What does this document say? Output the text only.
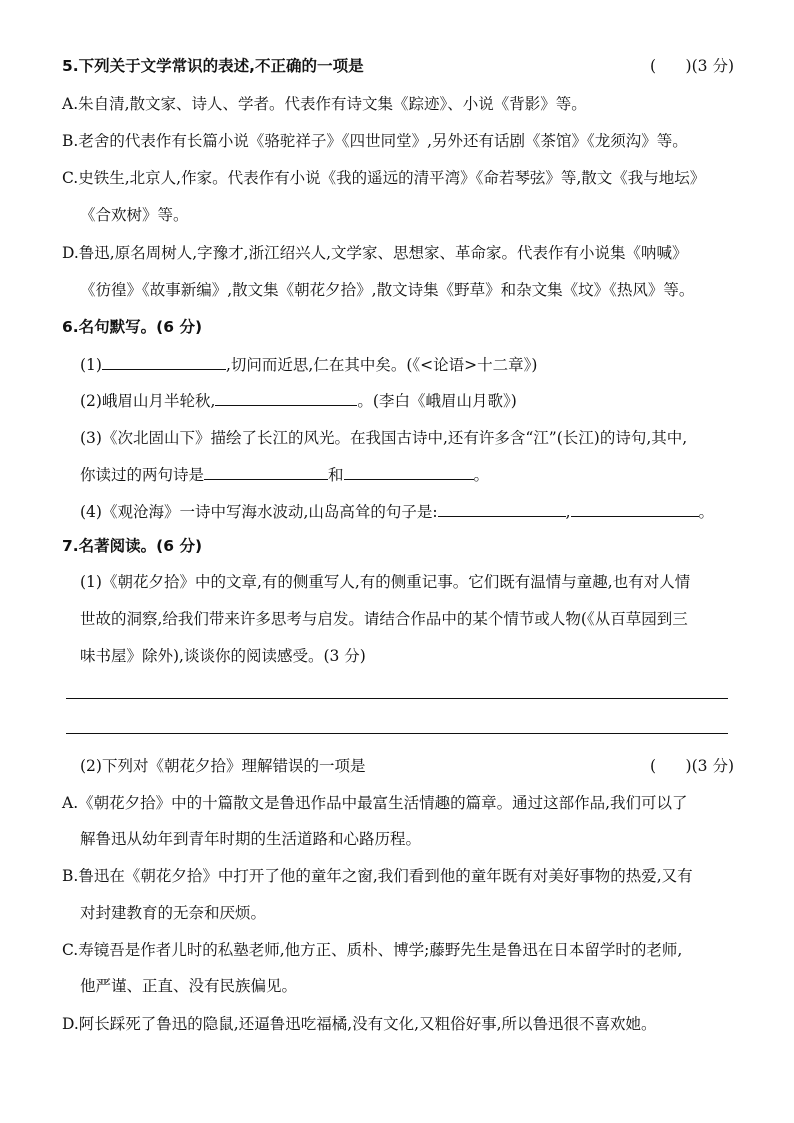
5.下列关于文学常识的表述,不正确的一项是	(      )(3 分)
A.朱自清,散文家、诗人、学者。代表作有诗文集《踪迹》、小说《背影》等。
B.老舍的代表作有长篇小说《骆驼祥子》《四世同堂》,另外还有话剧《茶馆》《龙须沟》等。
C.史铁生,北京人,作家。代表作有小说《我的遥远的清平湾》《命若琴弦》等,散文《我与地坛》
《合欢树》等。
D.鲁迅,原名周树人,字豫才,浙江绍兴人,文学家、思想家、革命家。代表作有小说集《呐喊》
《彷徨》《故事新编》,散文集《朝花夕拾》,散文诗集《野草》和杂文集《坟》《热风》等。
6.名句默写。(6 分)
(1)	,切问而近思,仁在其中矣。(《<论语>十二章》)
(2)峨眉山月半轮秋,	。(李白《峨眉山月歌》)
(3)《次北固山下》描绘了长江的风光。在我国古诗中,还有许多含“江”(长江)的诗句,其中,
你读过的两句诗是	和	。
(4)《观沧海》一诗中写海水波动,山岛高耸的句子是:	,	。
7.名著阅读。(6 分)
(1)《朝花夕拾》中的文章,有的侧重写人,有的侧重记事。它们既有温情与童趣,也有对人情
世故的洞察,给我们带来许多思考与启发。请结合作品中的某个情节或人物(《从百草园到三
味书屋》除外),谈谈你的阅读感受。(3 分)
(2)下列对《朝花夕拾》理解错误的一项是	(      )(3 分)
A.《朝花夕拾》中的十篇散文是鲁迅作品中最富生活情趣的篇章。通过这部作品,我们可以了
解鲁迅从幼年到青年时期的生活道路和心路历程。
B.鲁迅在《朝花夕拾》中打开了他的童年之窗,我们看到他的童年既有对美好事物的热爱,又有
对封建教育的无奈和厌烦。
C.寿镜吾是作者儿时的私塾老师,他方正、质朴、博学;藤野先生是鲁迅在日本留学时的老师,
他严谨、正直、没有民族偏见。
D.阿长踩死了鲁迅的隐鼠,还逼鲁迅吃福橘,没有文化,又粗俗好事,所以鲁迅很不喜欢她。
